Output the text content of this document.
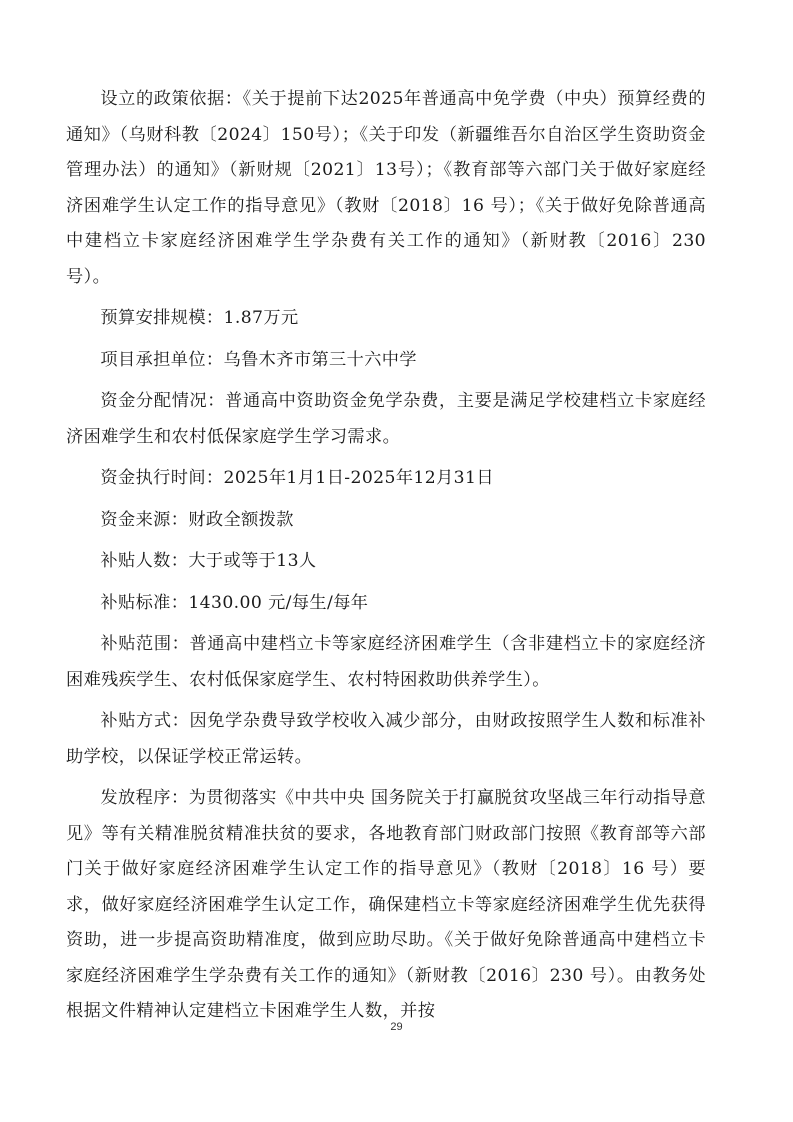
设立的政策依据：《关于提前下达2025年普通高中免学费（中央）预算经费的通知》（乌财科教〔2024〕150号）；《关于印发（新疆维吾尔自治区学生资助资金管理办法）的通知》（新财规〔2021〕13号）；《教育部等六部门关于做好家庭经济困难学生认定工作的指导意见》（教财〔2018〕16 号）；《关于做好免除普通高中建档立卡家庭经济困难学生学杂费有关工作的通知》（新财教〔2016〕230 号）。

预算安排规模：1.87万元

项目承担单位：乌鲁木齐市第三十六中学

资金分配情况：普通高中资助资金免学杂费，主要是满足学校建档立卡家庭经济困难学生和农村低保家庭学生学习需求。

资金执行时间：2025年1月1日-2025年12月31日

资金来源：财政全额拨款

补贴人数：大于或等于13人

补贴标准：1430.00 元/每生/每年

补贴范围：普通高中建档立卡等家庭经济困难学生（含非建档立卡的家庭经济困难残疾学生、农村低保家庭学生、农村特困救助供养学生）。

补贴方式：因免学杂费导致学校收入减少部分，由财政按照学生人数和标准补助学校，以保证学校正常运转。

发放程序：为贯彻落实《中共中央 国务院关于打赢脱贫攻坚战三年行动指导意见》等有关精准脱贫精准扶贫的要求，各地教育部门财政部门按照《教育部等六部门关于做好家庭经济困难学生认定工作的指导意见》（教财〔2018〕16 号）要求，做好家庭经济困难学生认定工作，确保建档立卡等家庭经济困难学生优先获得资助，进一步提高资助精准度，做到应助尽助。《关于做好免除普通高中建档立卡家庭经济困难学生学杂费有关工作的通知》（新财教〔2016〕230 号）。由教务处根据文件精神认定建档立卡困难学生人数，并按

29
